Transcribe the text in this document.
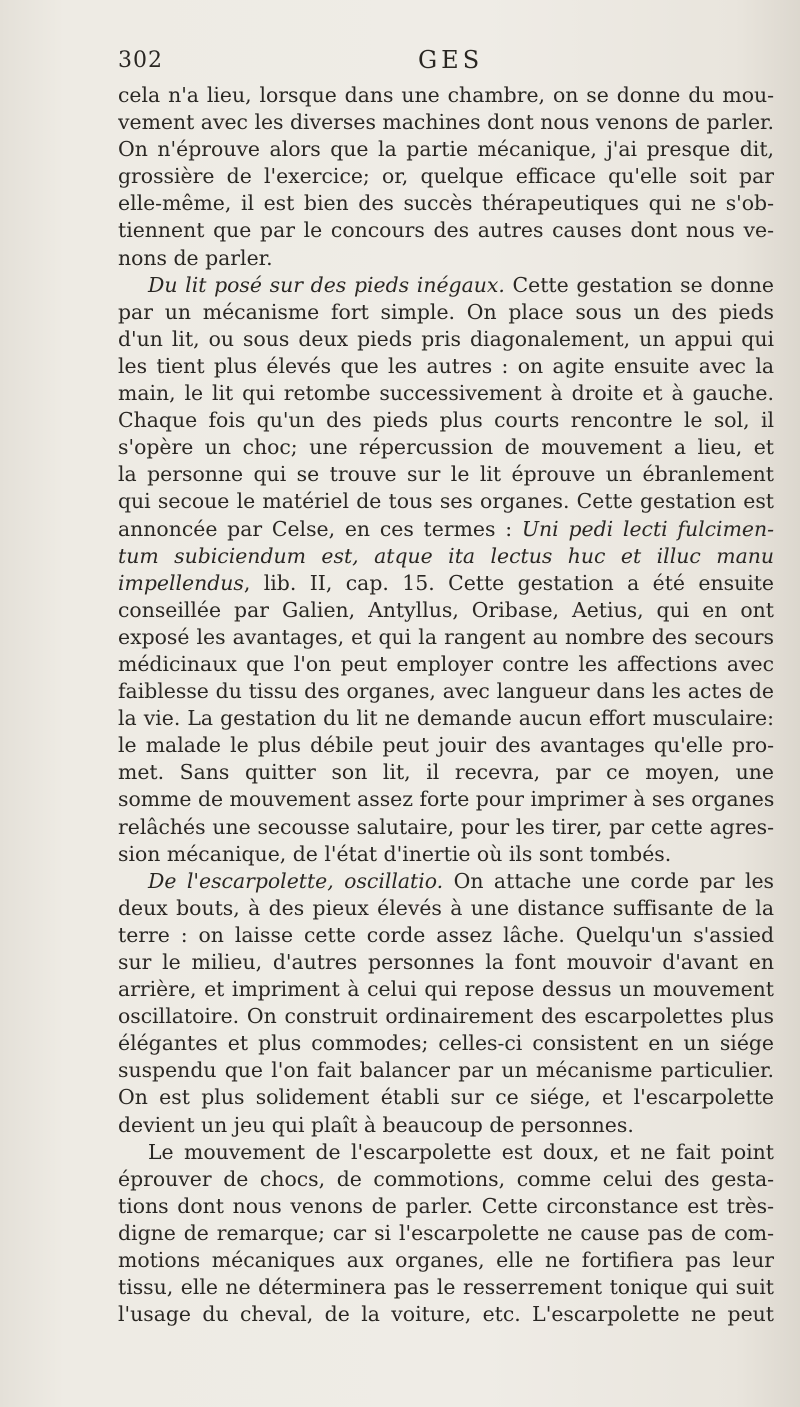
302	GES
cela n'a lieu, lorsque dans une chambre, on se donne du mou-
vement avec les diverses machines dont nous venons de parler.
On n'éprouve alors que la partie mécanique, j'ai presque dit,
grossière de l'exercice; or, quelque efficace qu'elle soit par
elle-même, il est bien des succès thérapeutiques qui ne s'ob-
tiennent que par le concours des autres causes dont nous ve-
nons de parler.
Du lit posé sur des pieds inégaux. Cette gestation se donne
par un mécanisme fort simple. On place sous un des pieds
d'un lit, ou sous deux pieds pris diagonalement, un appui qui
les tient plus élevés que les autres : on agite ensuite avec la
main, le lit qui retombe successivement à droite et à gauche.
Chaque fois qu'un des pieds plus courts rencontre le sol, il
s'opère un choc; une répercussion de mouvement a lieu, et
la personne qui se trouve sur le lit éprouve un ébranlement
qui secoue le matériel de tous ses organes. Cette gestation est
annoncée par Celse, en ces termes : Uni pedi lecti fulcimen-
tum subiciendum est, atque ita lectus huc et illuc manu
impellendus, lib. II, cap. 15. Cette gestation a été ensuite
conseillée par Galien, Antyllus, Oribase, Aetius, qui en ont
exposé les avantages, et qui la rangent au nombre des secours
médicinaux que l'on peut employer contre les affections avec
faiblesse du tissu des organes, avec langueur dans les actes de
la vie. La gestation du lit ne demande aucun effort musculaire:
le malade le plus débile peut jouir des avantages qu'elle pro-
met. Sans quitter son lit, il recevra, par ce moyen, une
somme de mouvement assez forte pour imprimer à ses organes
relâchés une secousse salutaire, pour les tirer, par cette agres-
sion mécanique, de l'état d'inertie où ils sont tombés.
De l'escarpolette, oscillatio. On attache une corde par les
deux bouts, à des pieux élevés à une distance suffisante de la
terre : on laisse cette corde assez lâche. Quelqu'un s'assied
sur le milieu, d'autres personnes la font mouvoir d'avant en
arrière, et impriment à celui qui repose dessus un mouvement
oscillatoire. On construit ordinairement des escarpolettes plus
élégantes et plus commodes; celles-ci consistent en un siége
suspendu que l'on fait balancer par un mécanisme particulier.
On est plus solidement établi sur ce siége, et l'escarpolette
devient un jeu qui plaît à beaucoup de personnes.
Le mouvement de l'escarpolette est doux, et ne fait point
éprouver de chocs, de commotions, comme celui des gesta-
tions dont nous venons de parler. Cette circonstance est très-
digne de remarque; car si l'escarpolette ne cause pas de com-
motions mécaniques aux organes, elle ne fortifiera pas leur
tissu, elle ne déterminera pas le resserrement tonique qui suit
l'usage du cheval, de la voiture, etc. L'escarpolette ne peut
